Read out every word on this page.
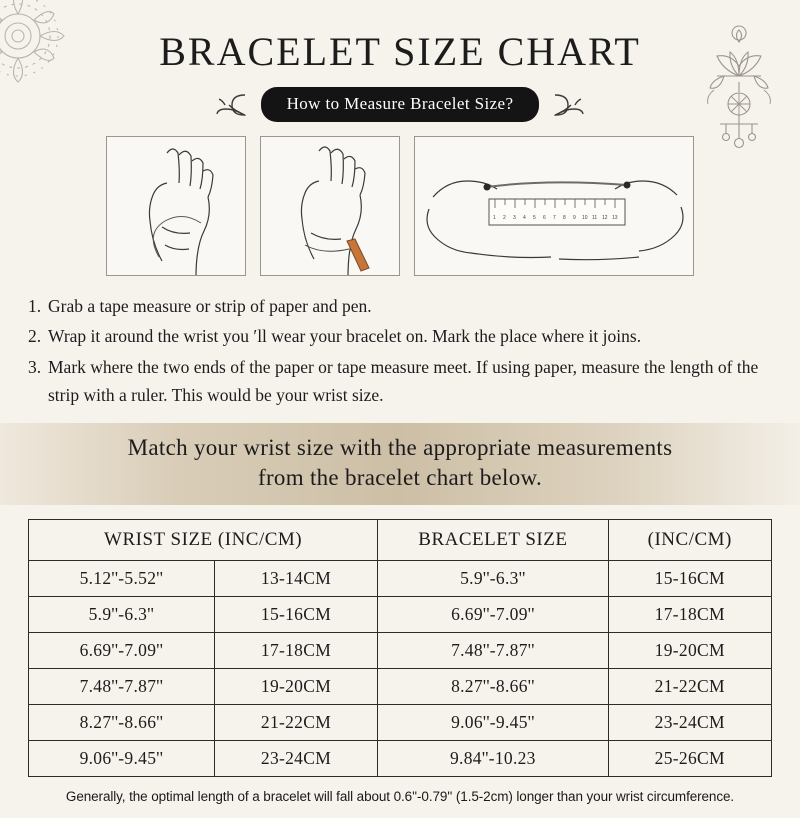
BRACELET SIZE CHART
How to Measure Bracelet Size?
1 2 3 4 5 6 7 8 9 10 11 12 13
1. Grab a tape measure or strip of paper and pen.
2. Wrap it around the wrist you ′ll wear your bracelet on. Mark the place where it joins.
3. Mark where the two ends of the paper or tape measure meet. If using paper, measure the length of the strip with a ruler. This would be your wrist size.
Match your wrist size with the appropriate measurements
from the bracelet chart below.
WRIST SIZE (INC/CM)		BRACELET SIZE	(INC/CM)
5.12''-5.52''	13-14CM	5.9''-6.3''	15-16CM
5.9''-6.3''	15-16CM	6.69''-7.09''	17-18CM
6.69''-7.09''	17-18CM	7.48''-7.87''	19-20CM
7.48''-7.87''	19-20CM	8.27''-8.66''	21-22CM
8.27''-8.66''	21-22CM	9.06''-9.45''	23-24CM
9.06''-9.45''	23-24CM	9.84''-10.23	25-26CM
Generally, the optimal length of a bracelet will fall about 0.6''-0.79'' (1.5-2cm) longer than your wrist circumference.
